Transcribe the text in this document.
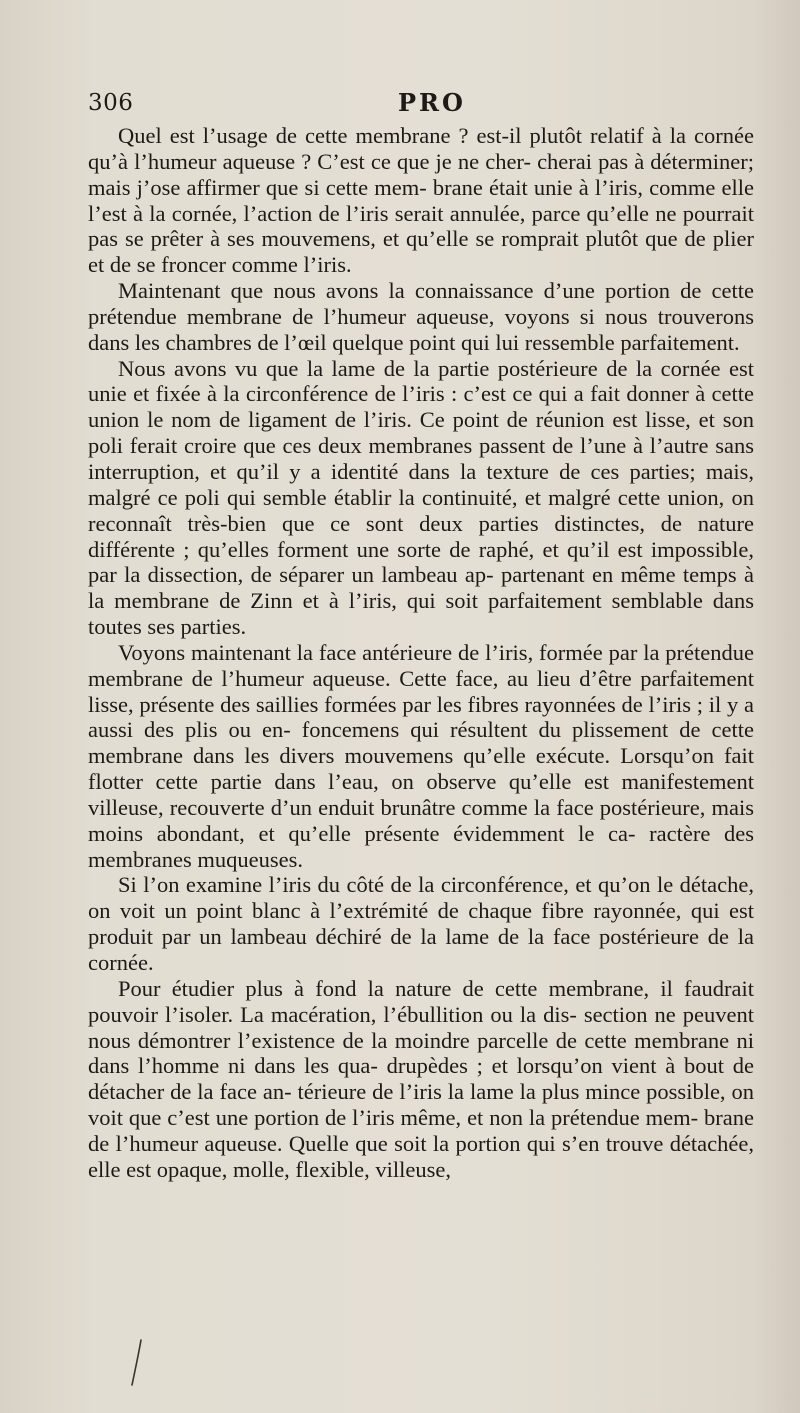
306	PRO

Quel est l’usage de cette membrane ? est-il plutôt relatif à la cornée qu’à l’humeur aqueuse ? C’est ce que je ne cher- cherai pas à déterminer; mais j’ose affirmer que si cette mem- brane était unie à l’iris, comme elle l’est à la cornée, l’action de l’iris serait annulée, parce qu’elle ne pourrait pas se prêter à ses mouvemens, et qu’elle se romprait plutôt que de plier et de se froncer comme l’iris.

Maintenant que nous avons la connaissance d’une portion de cette prétendue membrane de l’humeur aqueuse, voyons si nous trouverons dans les chambres de l’œil quelque point qui lui ressemble parfaitement.

Nous avons vu que la lame de la partie postérieure de la cornée est unie et fixée à la circonférence de l’iris : c’est ce qui a fait donner à cette union le nom de ligament de l’iris. Ce point de réunion est lisse, et son poli ferait croire que ces deux membranes passent de l’une à l’autre sans interruption, et qu’il y a identité dans la texture de ces parties; mais, malgré ce poli qui semble établir la continuité, et malgré cette union, on reconnaît très-bien que ce sont deux parties distinctes, de nature différente ; qu’elles forment une sorte de raphé, et qu’il est impossible, par la dissection, de séparer un lambeau ap- partenant en même temps à la membrane de Zinn et à l’iris, qui soit parfaitement semblable dans toutes ses parties.

Voyons maintenant la face antérieure de l’iris, formée par la prétendue membrane de l’humeur aqueuse. Cette face, au lieu d’être parfaitement lisse, présente des saillies formées par les fibres rayonnées de l’iris ; il y a aussi des plis ou en- foncemens qui résultent du plissement de cette membrane dans les divers mouvemens qu’elle exécute. Lorsqu’on fait flotter cette partie dans l’eau, on observe qu’elle est manifestement villeuse, recouverte d’un enduit brunâtre comme la face postérieure, mais moins abondant, et qu’elle présente évidemment le ca- ractère des membranes muqueuses.

Si l’on examine l’iris du côté de la circonférence, et qu’on le détache, on voit un point blanc à l’extrémité de chaque fibre rayonnée, qui est produit par un lambeau déchiré de la lame de la face postérieure de la cornée.

Pour étudier plus à fond la nature de cette membrane, il faudrait pouvoir l’isoler. La macération, l’ébullition ou la dis- section ne peuvent nous démontrer l’existence de la moindre parcelle de cette membrane ni dans l’homme ni dans les qua- drupèdes ; et lorsqu’on vient à bout de détacher de la face an- térieure de l’iris la lame la plus mince possible, on voit que c’est une portion de l’iris même, et non la prétendue mem- brane de l’humeur aqueuse. Quelle que soit la portion qui s’en trouve détachée, elle est opaque, molle, flexible, villeuse,
